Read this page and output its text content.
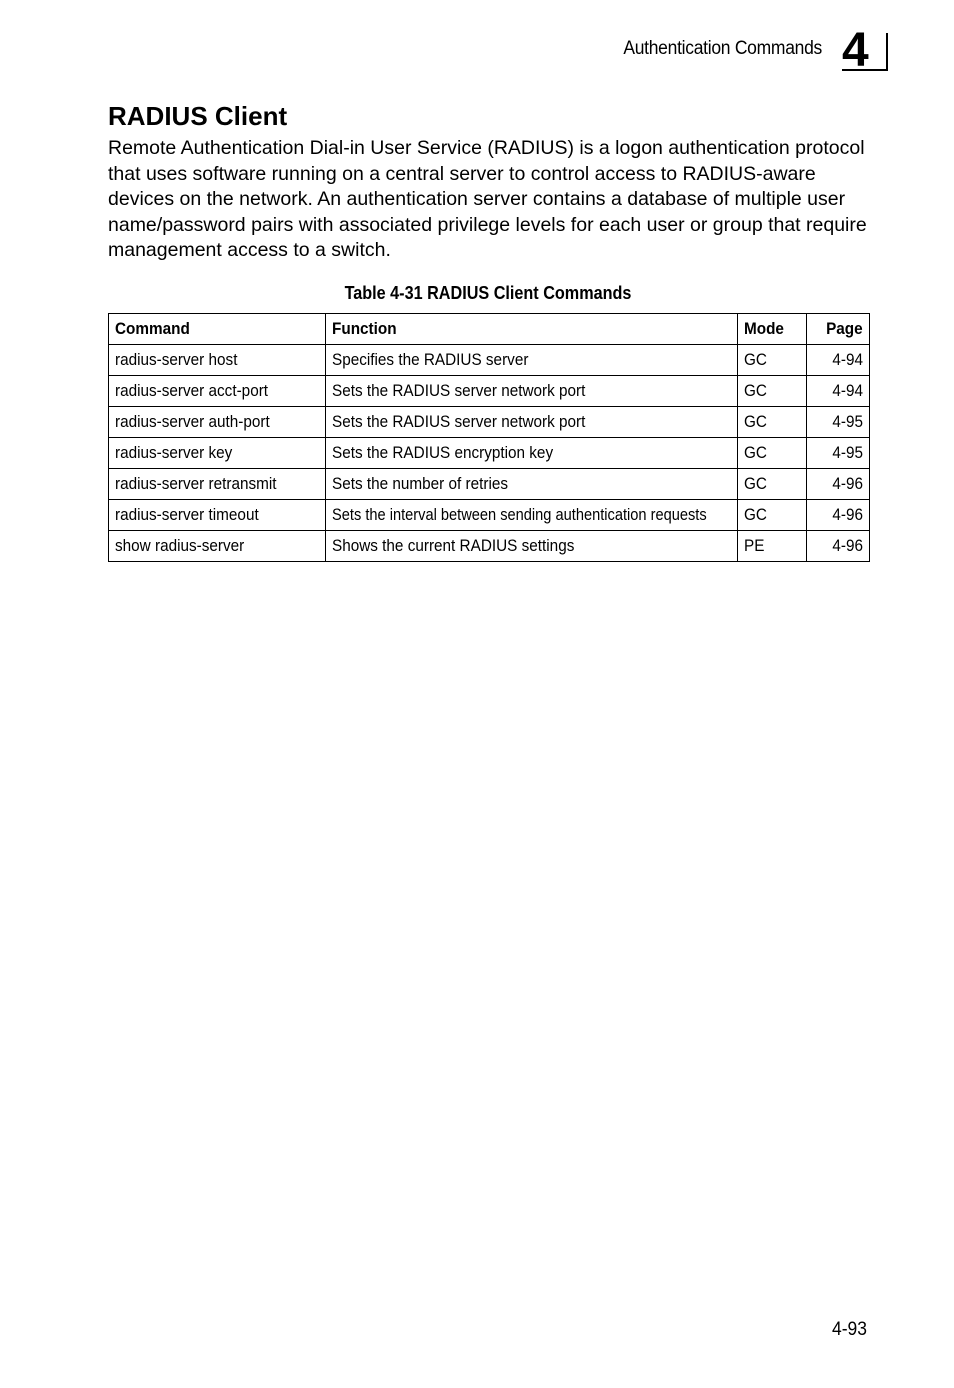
Authentication Commands 4
RADIUS Client

Remote Authentication Dial-in User Service (RADIUS) is a logon authentication protocol that uses software running on a central server to control access to RADIUS-aware devices on the network. An authentication server contains a database of multiple user name/password pairs with associated privilege levels for each user or group that require management access to a switch.

Table 4-31 RADIUS Client Commands
Command	Function	Mode	Page
radius-server host	Specifies the RADIUS server	GC	4-94
radius-server acct-port	Sets the RADIUS server network port	GC	4-94
radius-server auth-port	Sets the RADIUS server network port	GC	4-95
radius-server key	Sets the RADIUS encryption key	GC	4-95
radius-server retransmit	Sets the number of retries	GC	4-96
radius-server timeout	Sets the interval between sending authentication requests	GC	4-96
show radius-server	Shows the current RADIUS settings	PE	4-96
4-93
